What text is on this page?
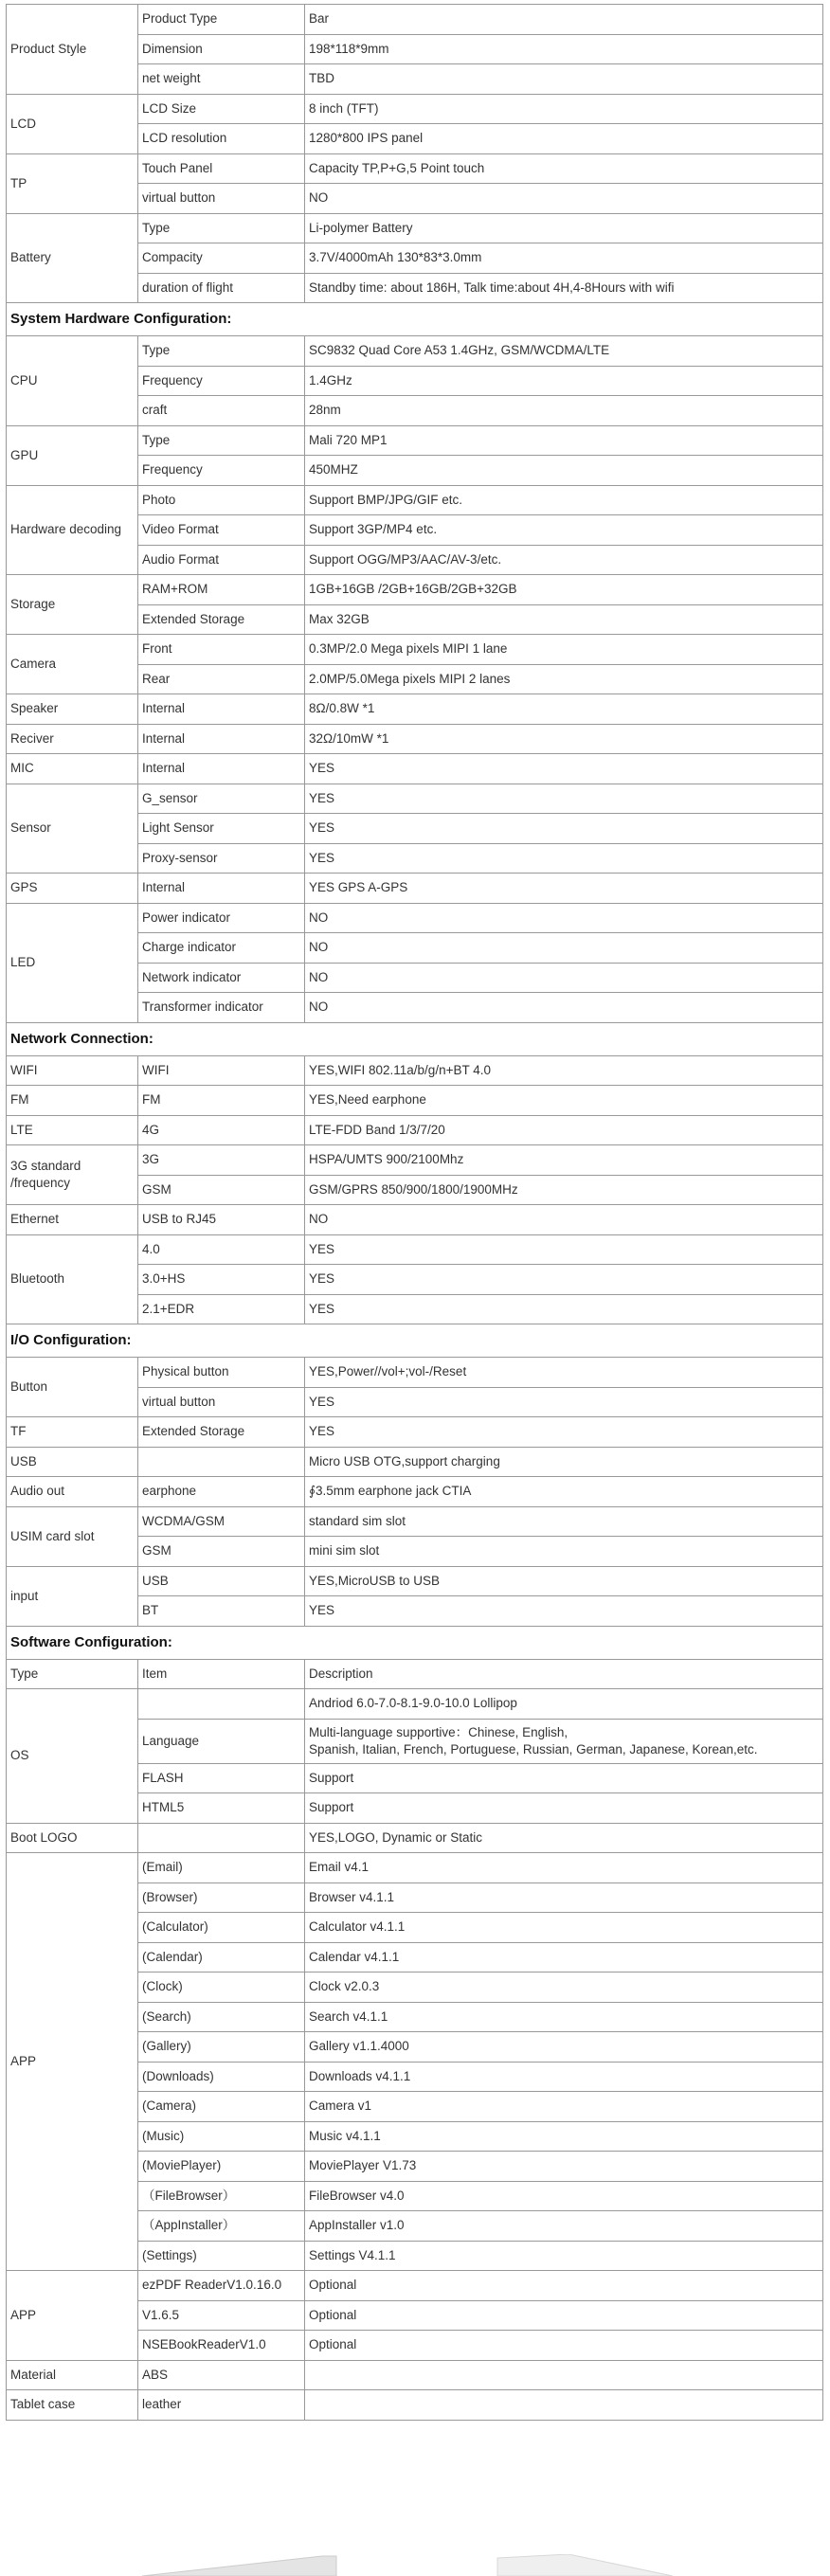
Product Style	Product Type	Bar
	Dimension	198*118*9mm
	net weight	TBD
LCD	LCD Size	8 inch (TFT)
	LCD resolution	1280*800 IPS panel
TP	Touch Panel	Capacity TP,P+G,5 Point touch
	virtual button	NO
Battery	Type	Li-polymer Battery
	Compacity	3.7V/4000mAh 130*83*3.0mm
	duration of flight	Standby time: about 186H, Talk time:about 4H,4-8Hours with wifi
System Hardware Configuration:		
CPU	Type	SC9832 Quad Core A53 1.4GHz, GSM/WCDMA/LTE
	Frequency	1.4GHz
	craft	28nm
GPU	Type	Mali 720 MP1
	Frequency	450MHZ
Hardware decoding	Photo	Support BMP/JPG/GIF etc.
	Video Format	Support 3GP/MP4 etc.
	Audio Format	Support OGG/MP3/AAC/AV-3/etc.
Storage	RAM+ROM	1GB+16GB /2GB+16GB/2GB+32GB
	Extended Storage	Max 32GB
Camera	Front	0.3MP/2.0 Mega pixels MIPI 1 lane
	Rear	2.0MP/5.0Mega pixels MIPI 2 lanes
Speaker	Internal	8Ω/0.8W *1
Reciver	Internal	32Ω/10mW *1
MIC	Internal	YES
Sensor	G_sensor	YES
	Light Sensor	YES
	Proxy-sensor	YES
GPS	Internal	YES GPS A-GPS
LED	Power indicator	NO
	Charge indicator	NO
	Network indicator	NO
	Transformer indicator	NO
Network Connection:		
WIFI	WIFI	YES,WIFI 802.11a/b/g/n+BT 4.0
FM	FM	YES,Need earphone
LTE	4G	LTE-FDD Band 1/3/7/20
3G standard /frequency	3G	HSPA/UMTS 900/2100Mhz
	GSM	GSM/GPRS 850/900/1800/1900MHz
Ethernet	USB to RJ45	NO
Bluetooth	4.0	YES
	3.0+HS	YES
	2.1+EDR	YES
I/O Configuration:		
Button	Physical button	YES,Power//vol+;vol-/Reset
	virtual button	YES
TF	Extended Storage	YES
USB		Micro USB OTG,support charging
Audio out	earphone	∮3.5mm earphone jack CTIA
USIM card slot	WCDMA/GSM	standard sim slot
	GSM	mini sim slot
input	USB	YES,MicroUSB to USB
	BT	YES
Software Configuration:		
Type	Item	Description
OS		Andriod 6.0-7.0-8.1-9.0-10.0 Lollipop
	Language	Multi-language supportive：Chinese, English,
Spanish, Italian, French, Portuguese, Russian, German, Japanese, Korean,etc.

	FLASH	Support
	HTML5	Support
Boot LOGO		YES,LOGO, Dynamic or Static
APP	(Email)	Email v4.1
	(Browser)	Browser v4.1.1
	(Calculator)	Calculator v4.1.1
	(Calendar)	Calendar v4.1.1
	(Clock)	Clock v2.0.3
	(Search)	Search v4.1.1
	(Gallery)	Gallery v1.1.4000
	(Downloads)	Downloads v4.1.1
	(Camera)	Camera v1
	(Music)	Music v4.1.1
	(MoviePlayer)	MoviePlayer V1.73
	（FileBrowser）	FileBrowser v4.0
	（AppInstaller）	AppInstaller v1.0
	(Settings)	Settings V4.1.1
APP	ezPDF ReaderV1.0.16.0	Optional
	V1.6.5	Optional
	NSEBookReaderV1.0	Optional
Material	ABS	
Tablet case	leather	
